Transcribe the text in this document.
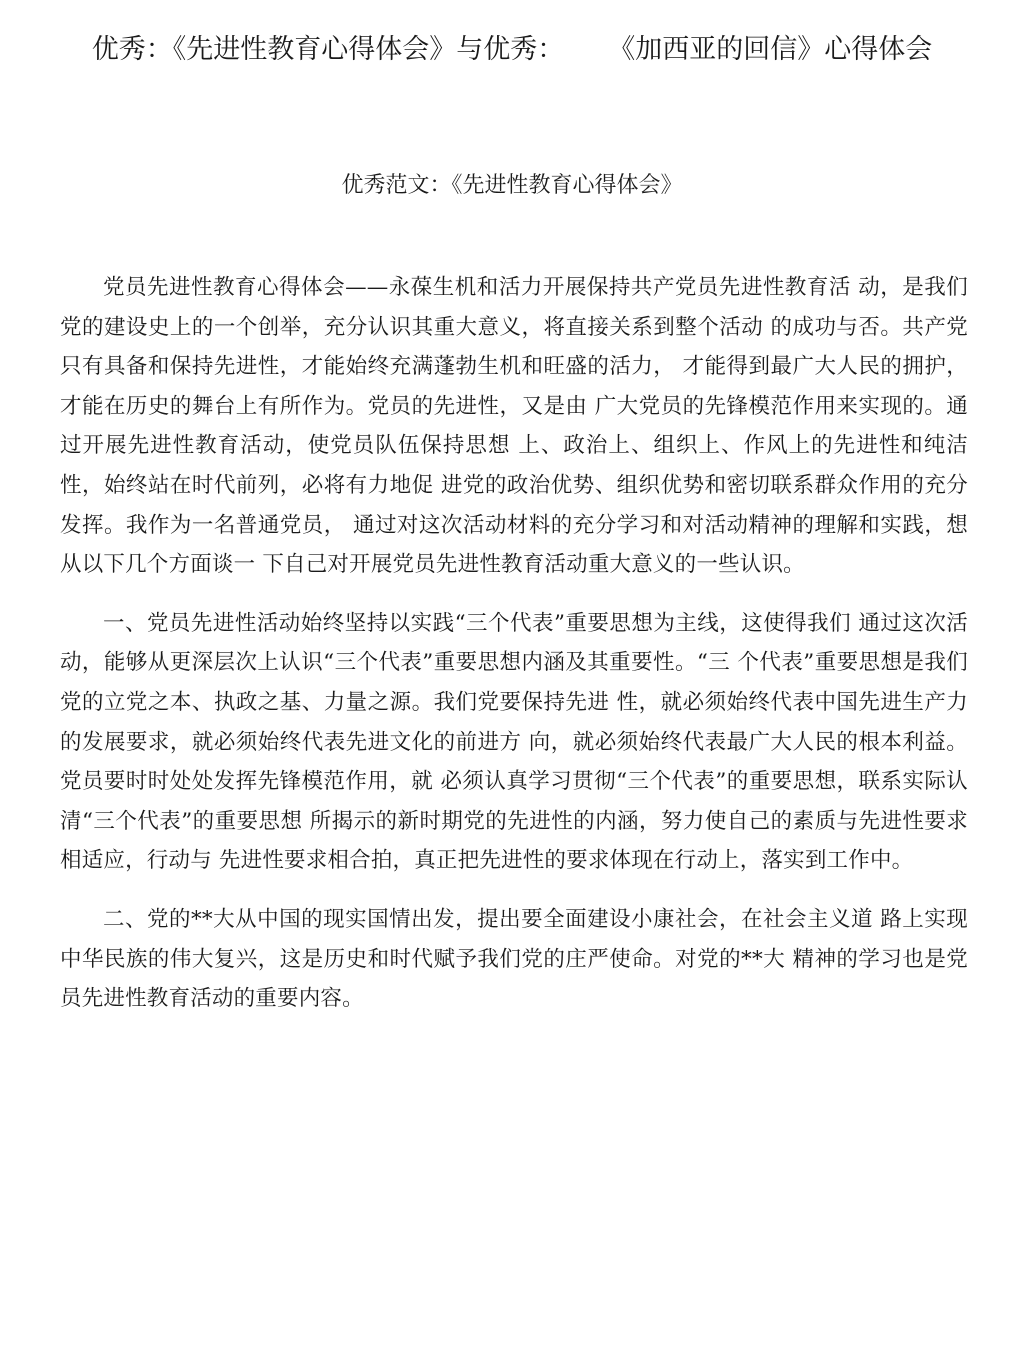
优秀：《先进性教育心得体会》与优秀： 《加西亚的回信》心得体会
优秀范文：《先进性教育心得体会》

党员先进性教育心得体会——永葆生机和活力开展保持共产党员先进性教育活 动，是我们党的建设史上的一个创举，充分认识其重大意义，将直接关系到整个活动 的成功与否。共产党只有具备和保持先进性，才能始终充满蓬勃生机和旺盛的活力， 才能得到最广大人民的拥护，才能在历史的舞台上有所作为。党员的先进性，又是由 广大党员的先锋模范作用来实现的。通过开展先进性教育活动，使党员队伍保持思想 上、政治上、组织上、作风上的先进性和纯洁性，始终站在时代前列，必将有力地促 进党的政治优势、组织优势和密切联系群众作用的充分发挥。我作为一名普通党员， 通过对这次活动材料的充分学习和对活动精神的理解和实践，想从以下几个方面谈一 下自己对开展党员先进性教育活动重大意义的一些认识。

一、党员先进性活动始终坚持以实践“三个代表”重要思想为主线，这使得我们 通过这次活动，能够从更深层次上认识“三个代表”重要思想内涵及其重要性。“三 个代表”重要思想是我们党的立党之本、执政之基、力量之源。我们党要保持先进 性，就必须始终代表中国先进生产力的发展要求，就必须始终代表先进文化的前进方 向，就必须始终代表最广大人民的根本利益。党员要时时处处发挥先锋模范作用，就 必须认真学习贯彻“三个代表”的重要思想，联系实际认清“三个代表”的重要思想 所揭示的新时期党的先进性的内涵，努力使自己的素质与先进性要求相适应，行动与 先进性要求相合拍，真正把先进性的要求体现在行动上，落实到工作中。

二、党的**大从中国的现实国情出发，提出要全面建设小康社会，在社会主义道 路上实现中华民族的伟大复兴，这是历史和时代赋予我们党的庄严使命。对党的**大 精神的学习也是党员先进性教育活动的重要内容。
